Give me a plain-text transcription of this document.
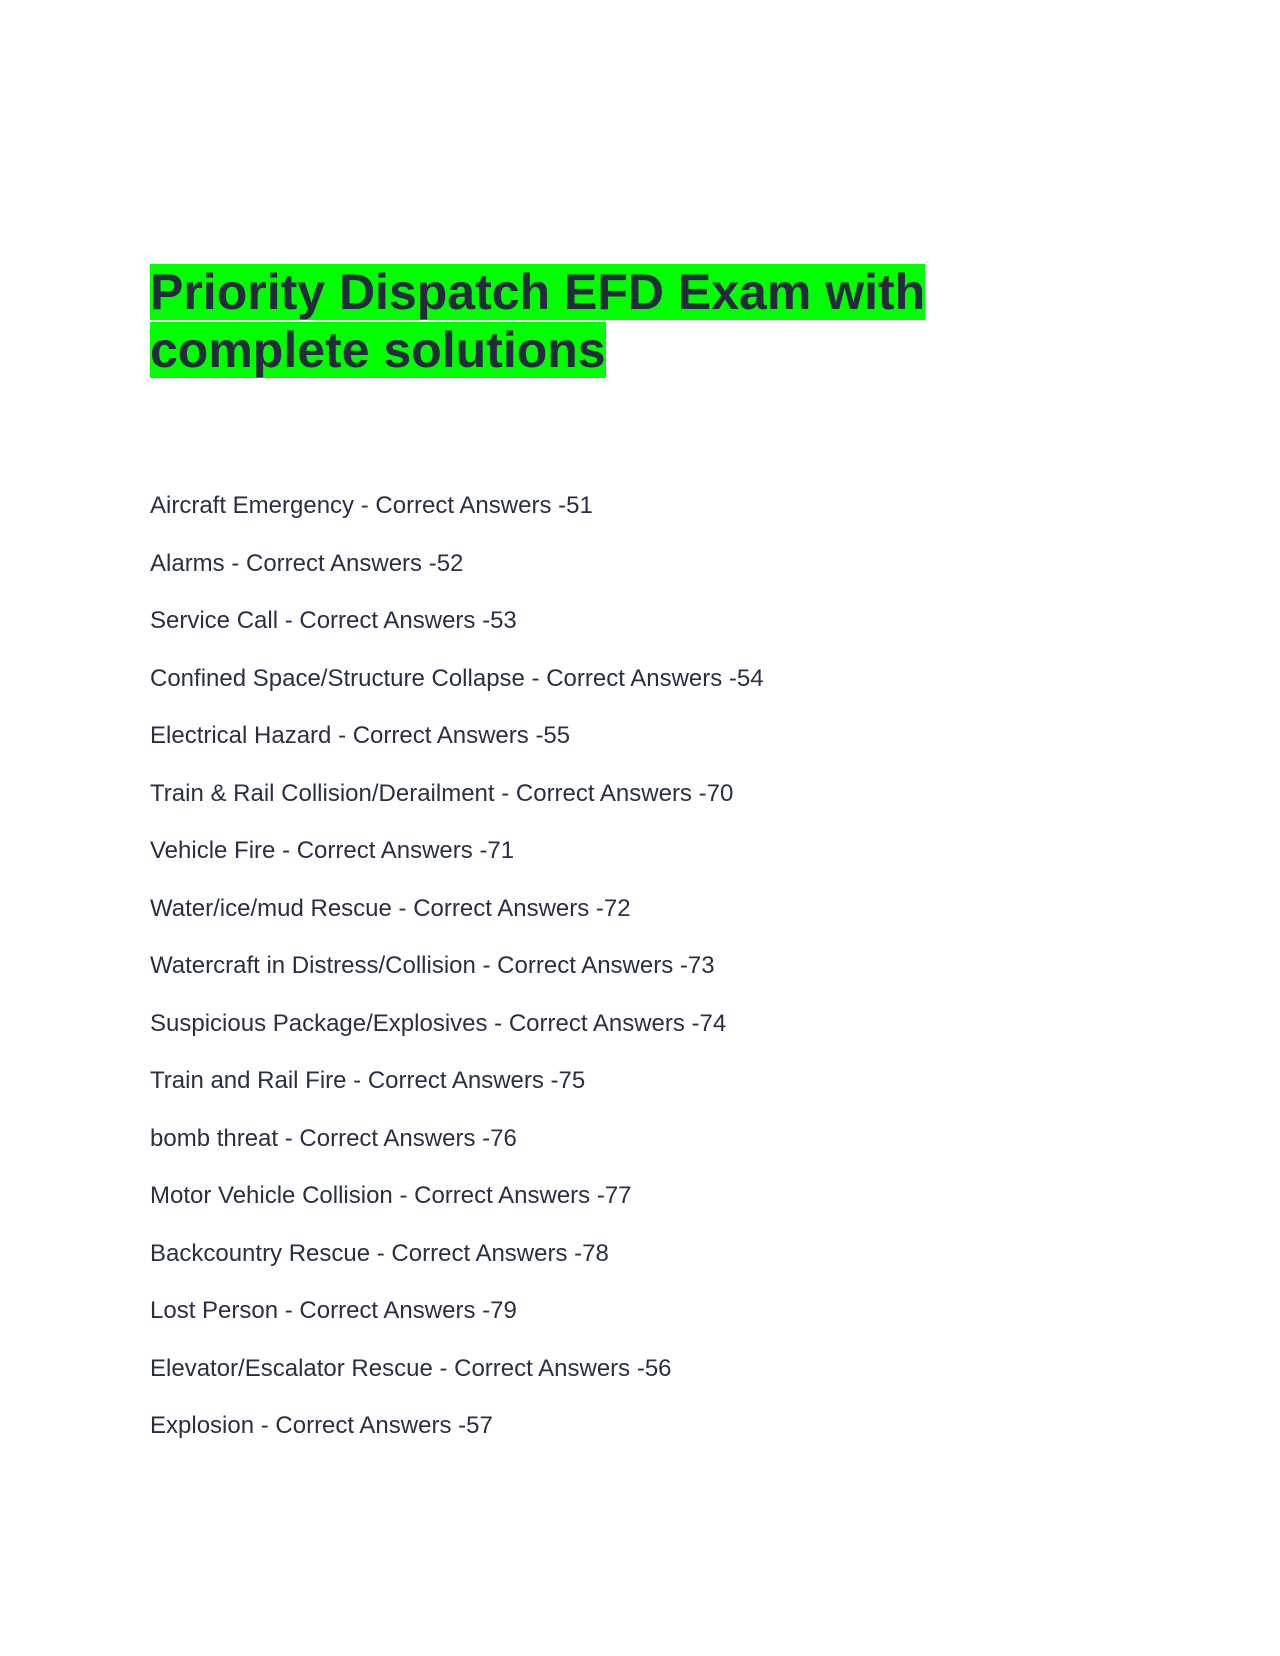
Priority Dispatch EFD Exam with complete solutions
Aircraft Emergency - Correct Answers -51
Alarms - Correct Answers -52
Service Call - Correct Answers -53
Confined Space/Structure Collapse - Correct Answers -54
Electrical Hazard - Correct Answers -55
Train & Rail Collision/Derailment - Correct Answers -70
Vehicle Fire - Correct Answers -71
Water/ice/mud Rescue - Correct Answers -72
Watercraft in Distress/Collision - Correct Answers -73
Suspicious Package/Explosives - Correct Answers -74
Train and Rail Fire - Correct Answers -75
bomb threat - Correct Answers -76
Motor Vehicle Collision - Correct Answers -77
Backcountry Rescue - Correct Answers -78
Lost Person - Correct Answers -79
Elevator/Escalator Rescue - Correct Answers -56
Explosion - Correct Answers -57
